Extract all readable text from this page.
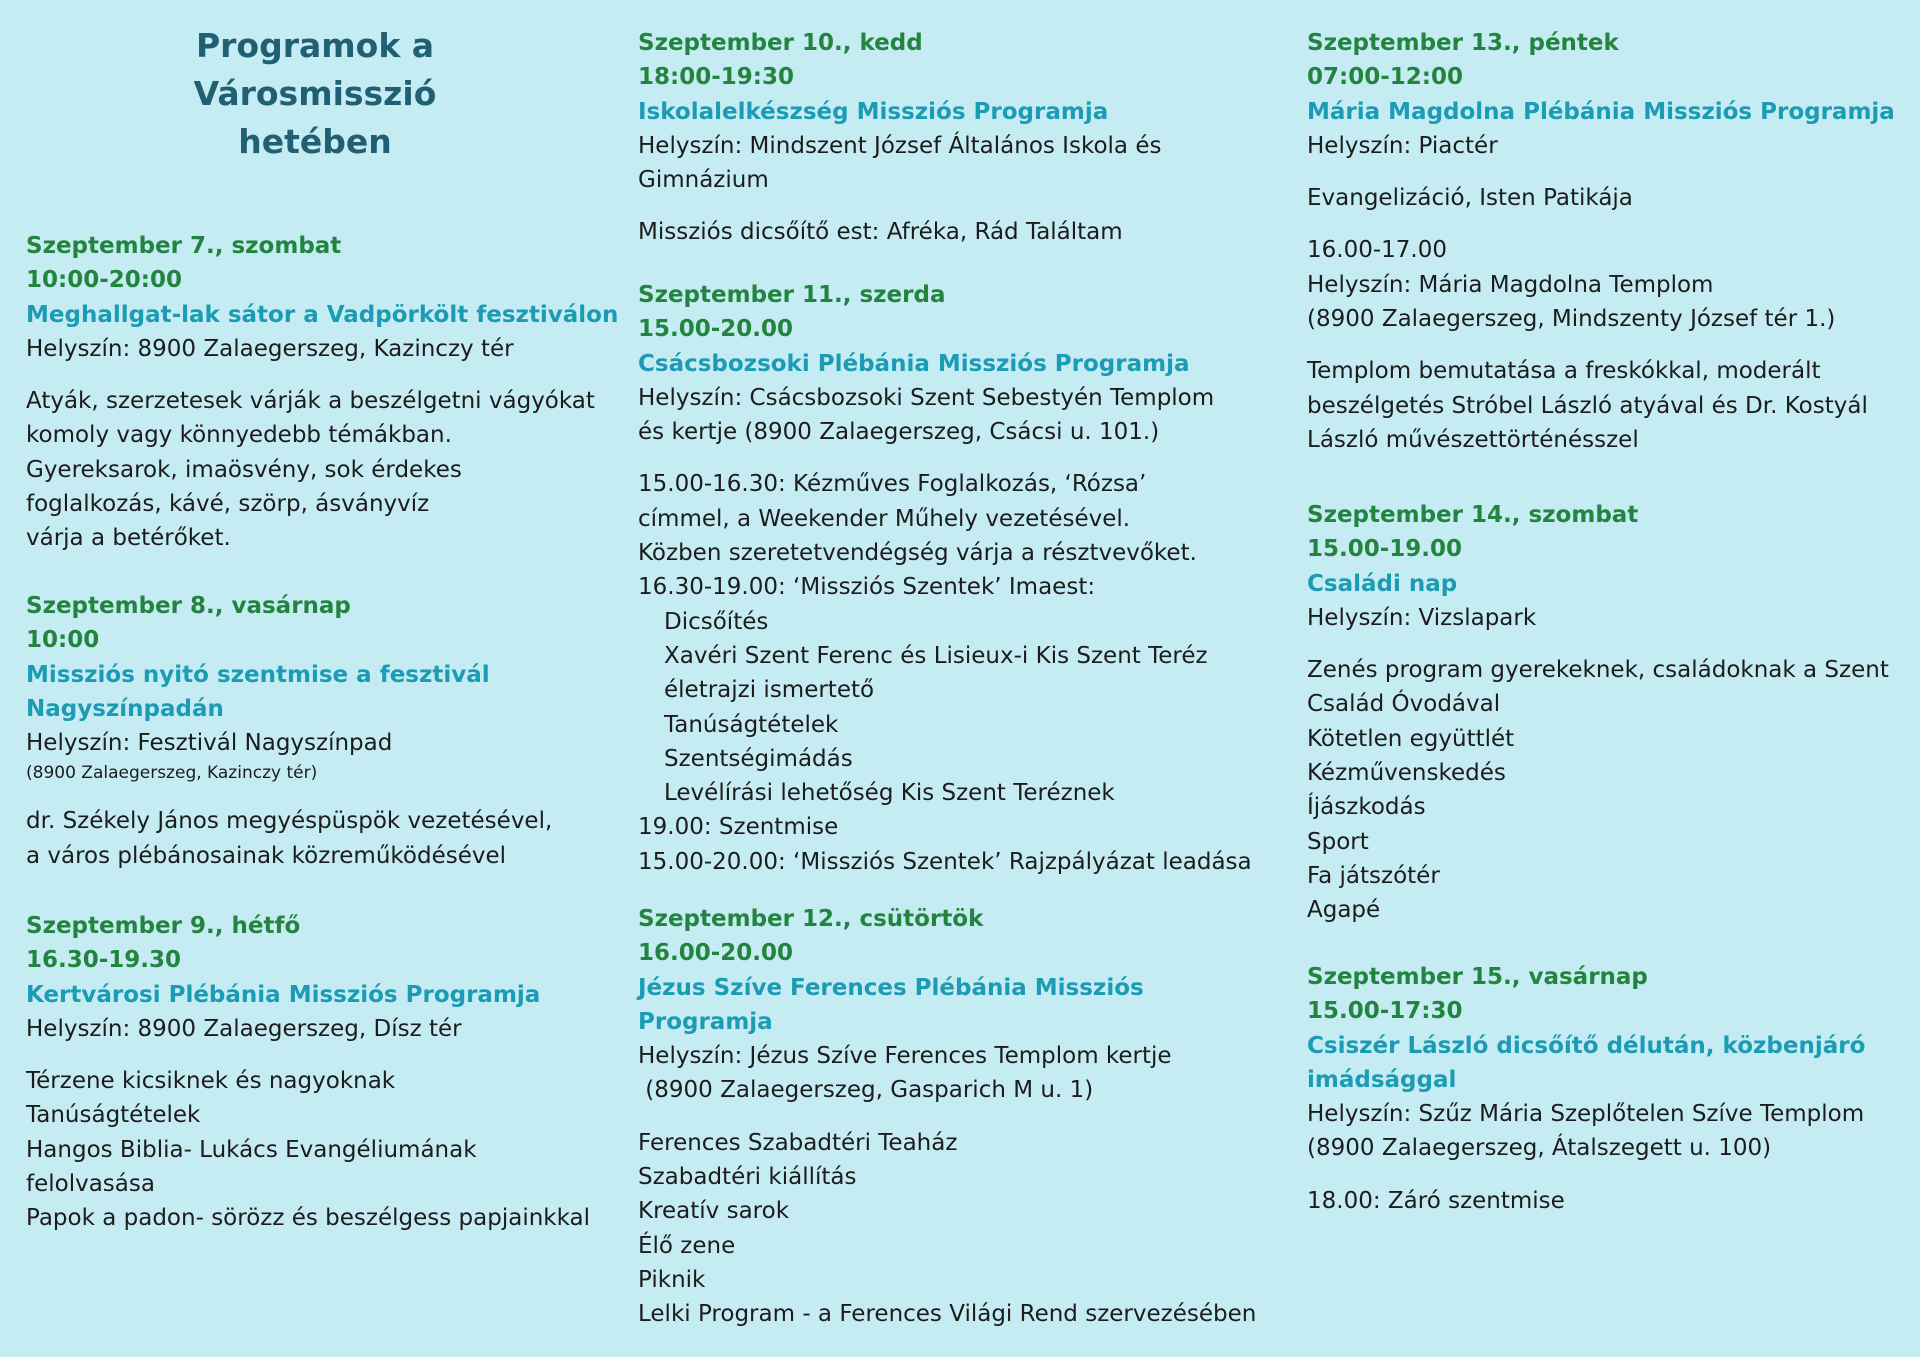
Programok a
Városmisszió
hetében
Szeptember 7., szombat
10:00-20:00
Meghallgat-lak sátor a Vadpörkölt fesztiválon
Helyszín: 8900 Zalaegerszeg, Kazinczy tér
Atyák, szerzetesek várják a beszélgetni vágyókat
komoly vagy könnyedebb témákban.
Gyereksarok, imaösvény, sok érdekes
foglalkozás, kávé, szörp, ásványvíz
várja a betérőket.
Szeptember 8., vasárnap
10:00
Missziós nyitó szentmise a fesztivál
Nagyszínpadán
Helyszín: Fesztivál Nagyszínpad
(8900 Zalaegerszeg, Kazinczy tér)
dr. Székely János megyéspüspök vezetésével,
a város plébánosainak közreműködésével
Szeptember 9., hétfő
16.30-19.30
Kertvárosi Plébánia Missziós Programja
Helyszín: 8900 Zalaegerszeg, Dísz tér
Térzene kicsiknek és nagyoknak
Tanúságtételek
Hangos Biblia- Lukács Evangéliumának
felolvasása
Papok a padon- sörözz és beszélgess papjainkkal
Szeptember 10., kedd
18:00-19:30
Iskolalelkészség Missziós Programja
Helyszín: Mindszent József Általános Iskola és
Gimnázium
Missziós dicsőítő est: Afréka, Rád Találtam
Szeptember 11., szerda
15.00-20.00
Csácsbozsoki Plébánia Missziós Programja
Helyszín: Csácsbozsoki Szent Sebestyén Templom
és kertje (8900 Zalaegerszeg, Csácsi u. 101.)
15.00-16.30: Kézműves Foglalkozás, ‘Rózsa’
címmel, a Weekender Műhely vezetésével.
Közben szeretetvendégség várja a résztvevőket.
16.30-19.00: ‘Missziós Szentek’ Imaest:
Dicsőítés
Xavéri Szent Ferenc és Lisieux-i Kis Szent Teréz
életrajzi ismertető
Tanúságtételek
Szentségimádás
Levélírási lehetőség Kis Szent Teréznek
19.00: Szentmise
15.00-20.00: ‘Missziós Szentek’ Rajzpályázat leadása
Szeptember 12., csütörtök
16.00-20.00
Jézus Szíve Ferences Plébánia Missziós
Programja
Helyszín: Jézus Szíve Ferences Templom kertje
(8900 Zalaegerszeg, Gasparich M u. 1)
Ferences Szabadtéri Teaház
Szabadtéri kiállítás
Kreatív sarok
Élő zene
Piknik
Lelki Program - a Ferences Világi Rend szervezésében
Szeptember 13., péntek
07:00-12:00
Mária Magdolna Plébánia Missziós Programja
Helyszín: Piactér
Evangelizáció, Isten Patikája
16.00-17.00
Helyszín: Mária Magdolna Templom
(8900 Zalaegerszeg, Mindszenty József tér 1.)
Templom bemutatása a freskókkal, moderált
beszélgetés Stróbel László atyával és Dr. Kostyál
László művészettörténésszel
Szeptember 14., szombat
15.00-19.00
Családi nap
Helyszín: Vizslapark
Zenés program gyerekeknek, családoknak a Szent
Család Óvodával
Kötetlen együttlét
Kézművenskedés
Íjászkodás
Sport
Fa játszótér
Agapé
Szeptember 15., vasárnap
15.00-17:30
Csiszér László dicsőítő délután, közbenjáró
imádsággal
Helyszín: Szűz Mária Szeplőtelen Szíve Templom
(8900 Zalaegerszeg, Átalszegett u. 100)
18.00: Záró szentmise
